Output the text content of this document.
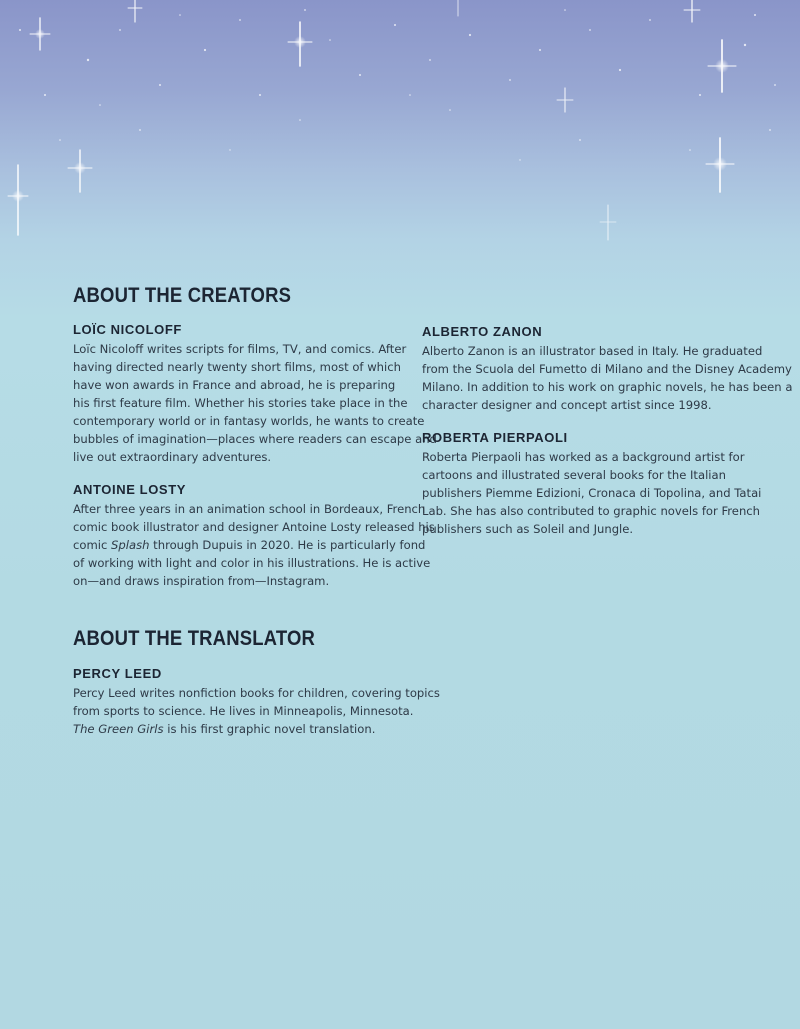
ABOUT THE CREATORS
LOÏC NICOLOFF

Loïc Nicoloff writes scripts for films, TV, and comics. After
having directed nearly twenty short films, most of which
have won awards in France and abroad, he is preparing
his first feature film. Whether his stories take place in the
contemporary world or in fantasy worlds, he wants to create
bubbles of imagination—places where readers can escape and
live out extraordinary adventures.

ANTOINE LOSTY

After three years in an animation school in Bordeaux, French
comic book illustrator and designer Antoine Losty released his
comic Splash through Dupuis in 2020. He is particularly fond
of working with light and color in his illustrations. He is active
on—and draws inspiration from—Instagram.

ALBERTO ZANON

Alberto Zanon is an illustrator based in Italy. He graduated
from the Scuola del Fumetto di Milano and the Disney Academy
Milano. In addition to his work on graphic novels, he has been a
character designer and concept artist since 1998.

ROBERTA PIERPAOLI

Roberta Pierpaoli has worked as a background artist for
cartoons and illustrated several books for the Italian
publishers Piemme Edizioni, Cronaca di Topolina, and Tatai
Lab. She has also contributed to graphic novels for French
publishers such as Soleil and Jungle.

ABOUT THE TRANSLATOR
PERCY LEED

Percy Leed writes nonfiction books for children, covering topics
from sports to science. He lives in Minneapolis, Minnesota.
The Green Girls is his first graphic novel translation.
